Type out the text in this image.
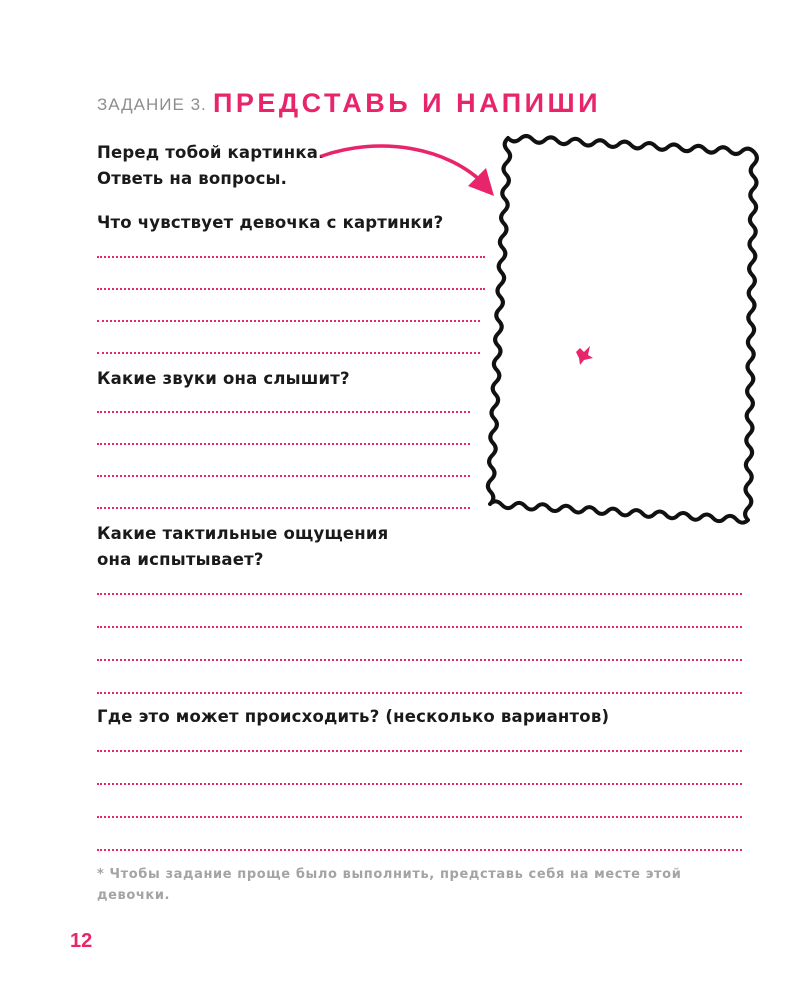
ЗАДАНИЕ 3. ПРЕДСТАВЬ И НАПИШИ
Перед тобой картинка.
Ответь на вопросы.
Что чувствует девочка с картинки?
Какие звуки она слышит?
Какие тактильные ощущения
она испытывает?
Где это может происходить? (несколько вариантов)
* Чтобы задание проще было выполнить, представь себя на месте этой девочки.
12
